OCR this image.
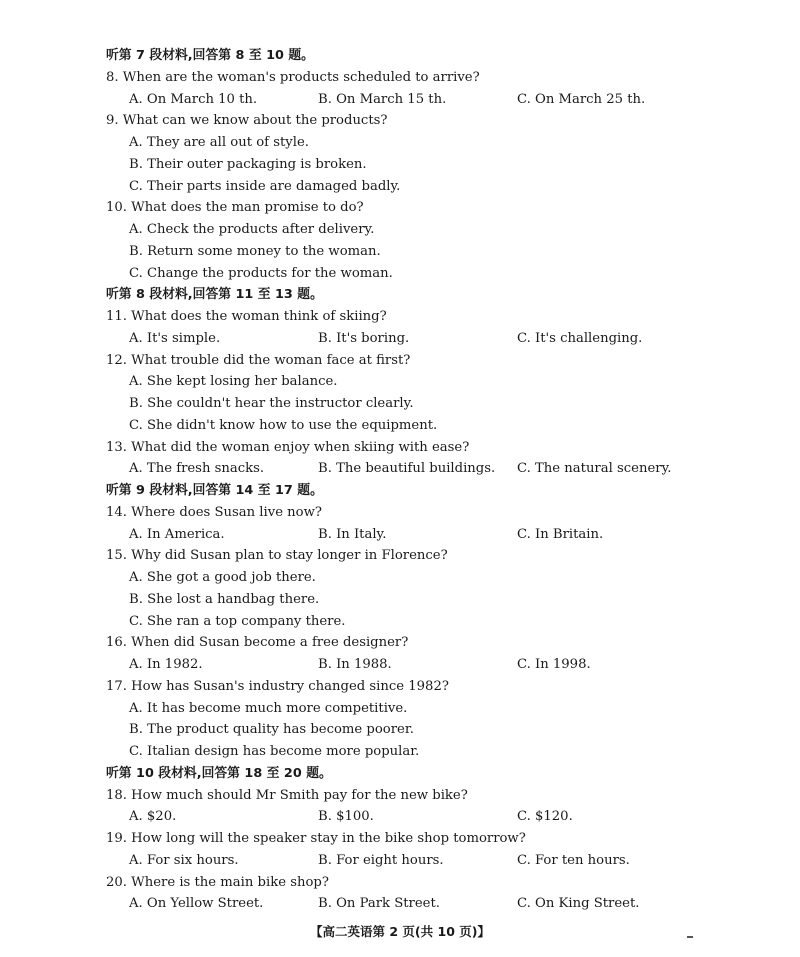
听第 7 段材料,回答第 8 至 10 题。
8. When are the woman's products scheduled to arrive?
A. On March 10 th.	B. On March 15 th.	C. On March 25 th.
9. What can we know about the products?
A. They are all out of style.
B. Their outer packaging is broken.
C. Their parts inside are damaged badly.
10. What does the man promise to do?
A. Check the products after delivery.
B. Return some money to the woman.
C. Change the products for the woman.
听第 8 段材料,回答第 11 至 13 题。
11. What does the woman think of skiing?
A. It's simple.	B. It's boring.	C. It's challenging.
12. What trouble did the woman face at first?
A. She kept losing her balance.
B. She couldn't hear the instructor clearly.
C. She didn't know how to use the equipment.
13. What did the woman enjoy when skiing with ease?
A. The fresh snacks.	B. The beautiful buildings. C. The natural scenery.
听第 9 段材料,回答第 14 至 17 题。
14. Where does Susan live now?
A. In America.	B. In Italy.	C. In Britain.
15. Why did Susan plan to stay longer in Florence?
A. She got a good job there.
B. She lost a handbag there.
C. She ran a top company there.
16. When did Susan become a free designer?
A. In 1982.	B. In 1988.	C. In 1998.
17. How has Susan's industry changed since 1982?
A. It has become much more competitive.
B. The product quality has become poorer.
C. Italian design has become more popular.
听第 10 段材料,回答第 18 至 20 题。
18. How much should Mr Smith pay for the new bike?
A. $20.	B. $100.	C. $120.
19. How long will the speaker stay in the bike shop tomorrow?
A. For six hours.	B. For eight hours.	C. For ten hours.
20. Where is the main bike shop?
A. On Yellow Street.	B. On Park Street.	C. On King Street.
【高二英语第 2 页(共 10 页)】
